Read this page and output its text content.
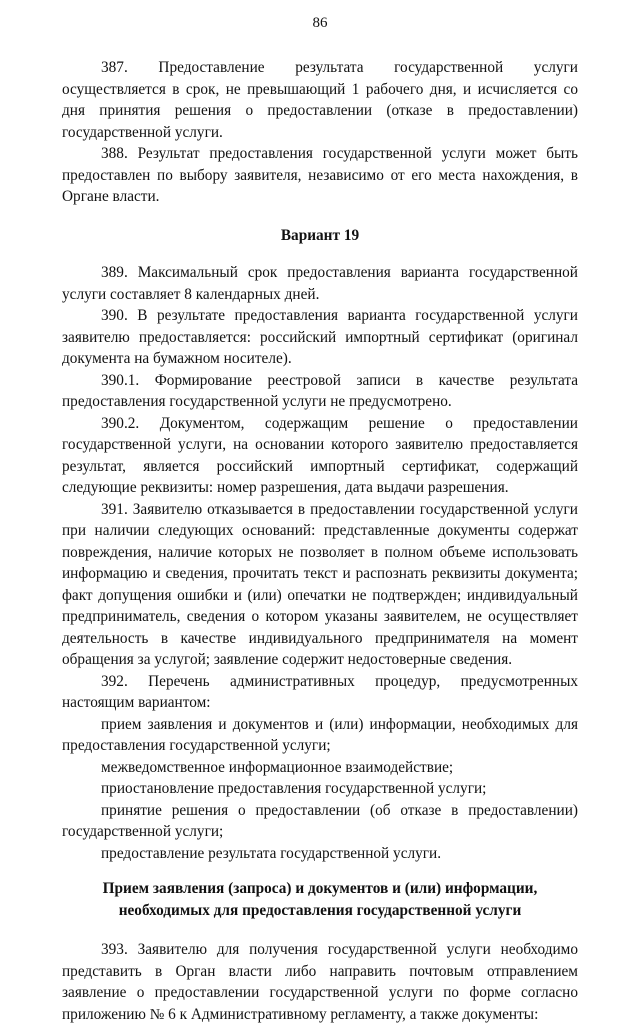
86

387. Предоставление результата государственной услуги осуществляется в срок, не превышающий 1 рабочего дня, и исчисляется со дня принятия решения о предоставлении (отказе в предоставлении) государственной услуги.

388. Результат предоставления государственной услуги может быть предоставлен по выбору заявителя, независимо от его места нахождения, в Органе власти.

Вариант 19

389. Максимальный срок предоставления варианта государственной услуги составляет 8 календарных дней.

390. В результате предоставления варианта государственной услуги заявителю предоставляется: российский импортный сертификат (оригинал документа на бумажном носителе).

390.1. Формирование реестровой записи в качестве результата предоставления государственной услуги не предусмотрено.

390.2. Документом, содержащим решение о предоставлении государственной услуги, на основании которого заявителю предоставляется результат, является российский импортный сертификат, содержащий следующие реквизиты: номер разрешения, дата выдачи разрешения.

391. Заявителю отказывается в предоставлении государственной услуги при наличии следующих оснований: представленные документы содержат повреждения, наличие которых не позволяет в полном объеме использовать информацию и сведения, прочитать текст и распознать реквизиты документа; факт допущения ошибки и (или) опечатки не подтвержден; индивидуальный предприниматель, сведения о котором указаны заявителем, не осуществляет деятельность в качестве индивидуального предпринимателя на момент обращения за услугой; заявление содержит недостоверные сведения.

392. Перечень административных процедур, предусмотренных настоящим вариантом:

прием заявления и документов и (или) информации, необходимых для предоставления государственной услуги;

межведомственное информационное взаимодействие;

приостановление предоставления государственной услуги;

принятие решения о предоставлении (об отказе в предоставлении) государственной услуги;

предоставление результата государственной услуги.

Прием заявления (запроса) и документов и (или) информации,
необходимых для предоставления государственной услуги

393. Заявителю для получения государственной услуги необходимо представить в Орган власти либо направить почтовым отправлением заявление о предоставлении государственной услуги по форме согласно приложению № 6 к Административному регламенту, а также документы:
